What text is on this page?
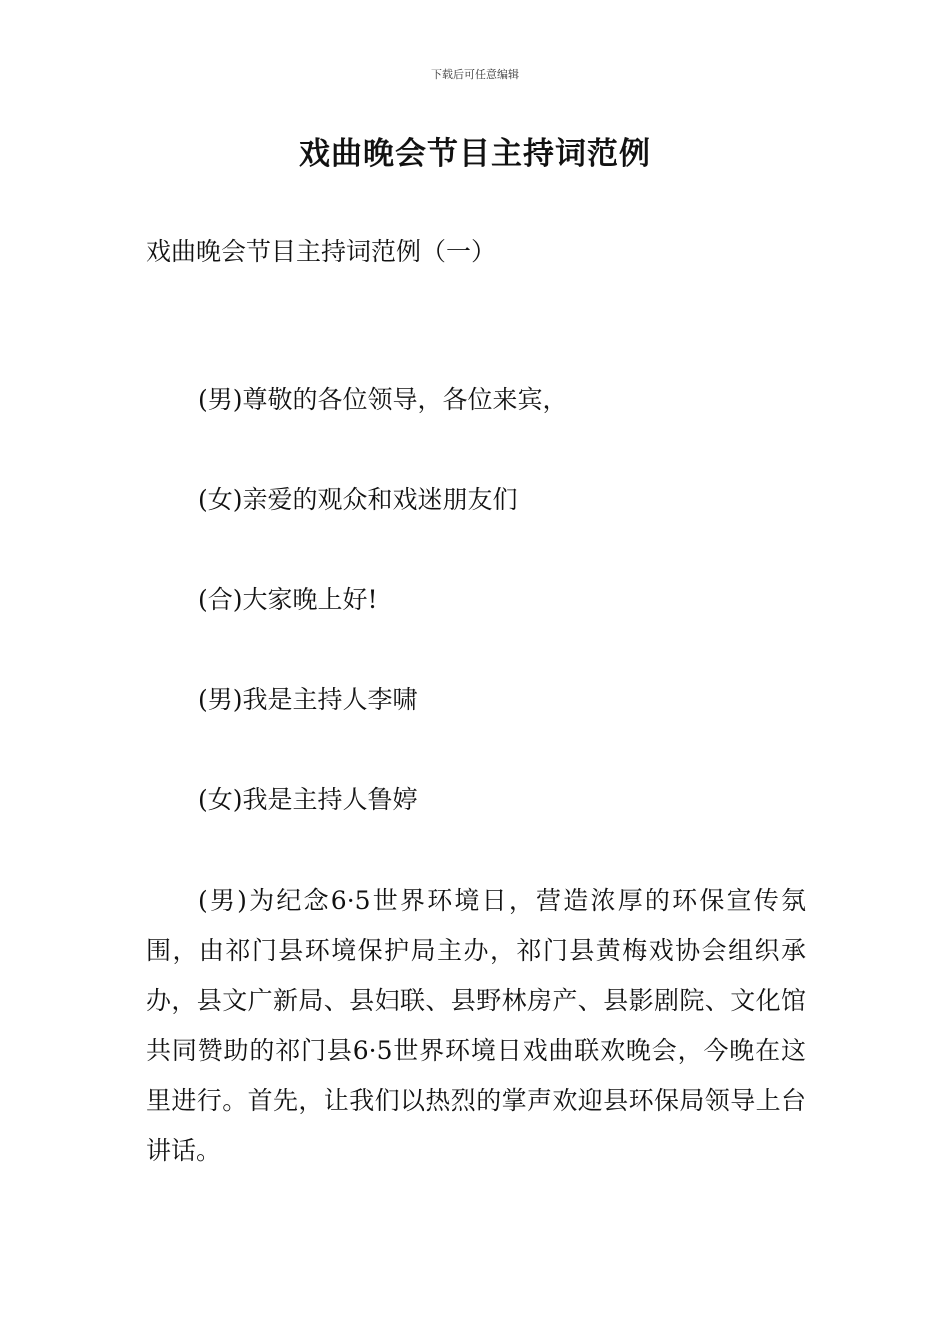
下载后可任意编辑
戏曲晚会节目主持词范例
戏曲晚会节目主持词范例（一）
(男)尊敬的各位领导，各位来宾，
(女)亲爱的观众和戏迷朋友们
(合)大家晚上好!
(男)我是主持人李啸
(女)我是主持人鲁婷
(男)为纪念6·5世界环境日，营造浓厚的环保宣传氛围，由祁门县环境保护局主办，祁门县黄梅戏协会组织承办，县文广新局、县妇联、县野林房产、县影剧院、文化馆共同赞助的祁门县6·5世界环境日戏曲联欢晚会，今晚在这里进行。首先，让我们以热烈的掌声欢迎县环保局领导上台讲话。
